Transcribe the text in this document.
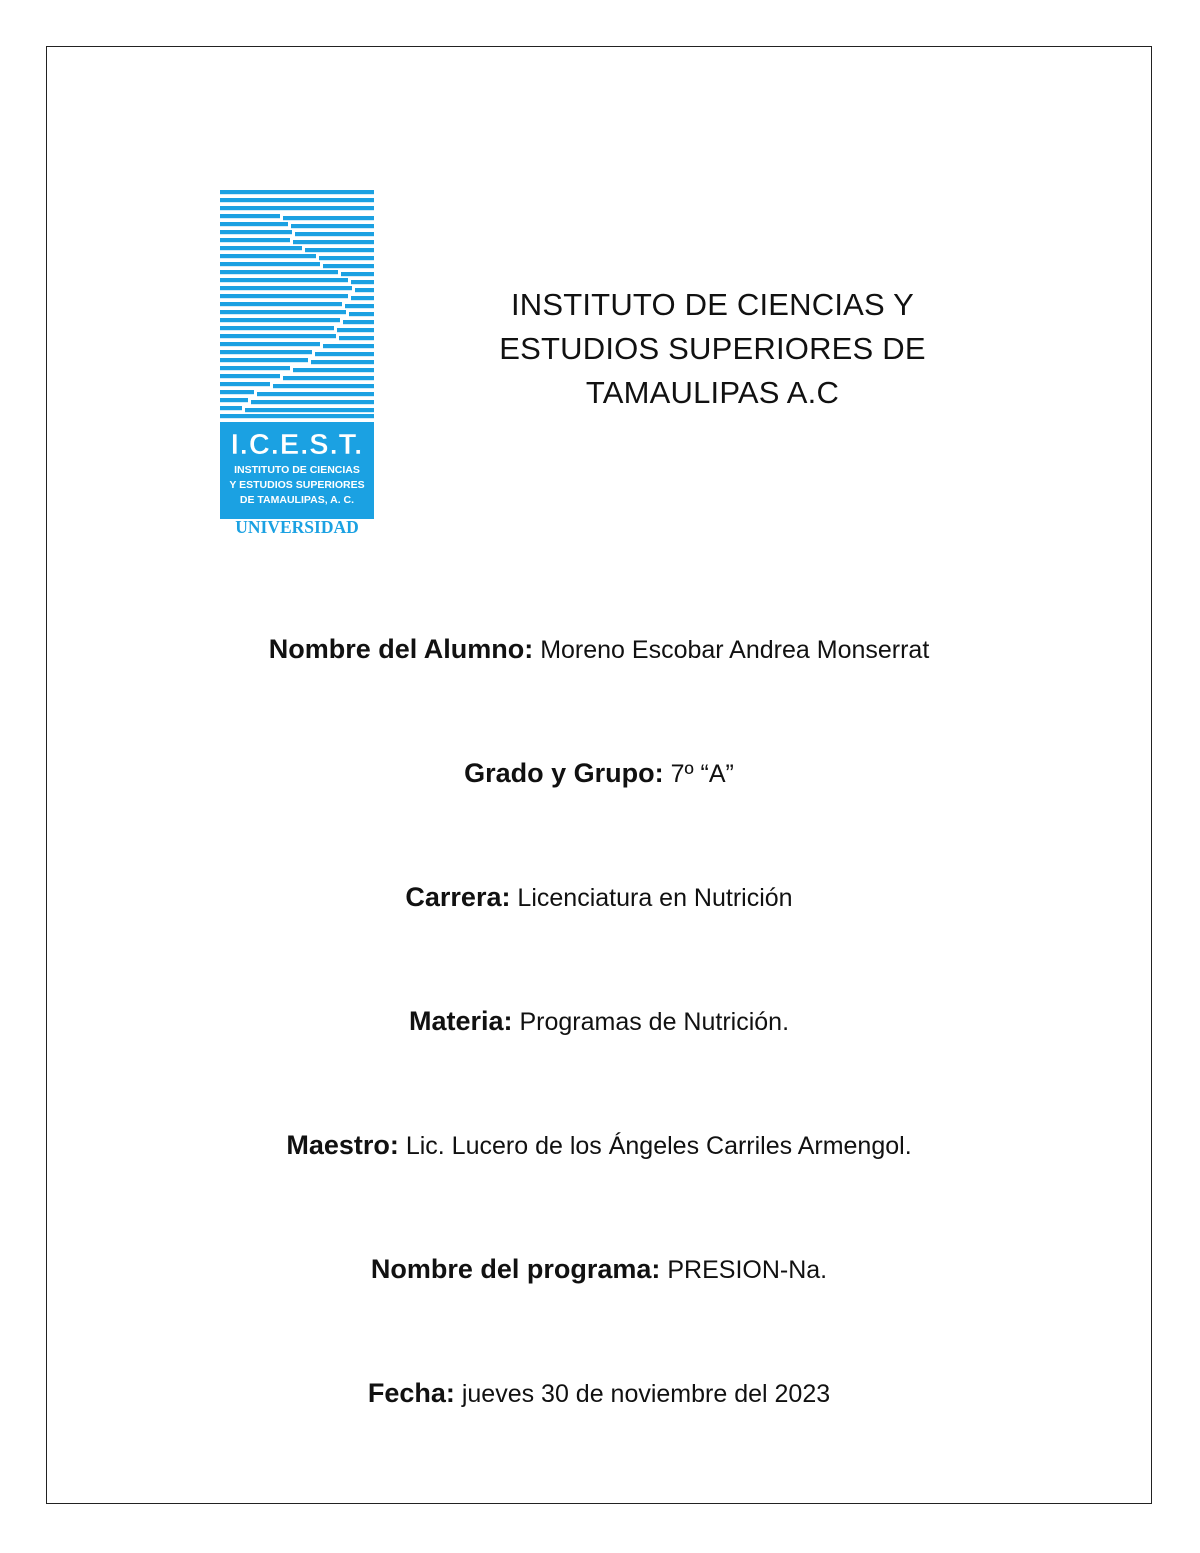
I.C.E.S.T.
INSTITUTO DE CIENCIAS
Y ESTUDIOS SUPERIORES
DE TAMAULIPAS, A. C.
UNIVERSIDAD
INSTITUTO DE CIENCIAS Y
ESTUDIOS SUPERIORES DE
TAMAULIPAS A.C
Nombre del Alumno: Moreno Escobar Andrea Monserrat
Grado y Grupo: 7º “A”
Carrera: Licenciatura en Nutrición
Materia: Programas de Nutrición.
Maestro: Lic. Lucero de los Ángeles Carriles Armengol.
Nombre del programa: PRESION-Na.
Fecha: jueves 30 de noviembre del 2023
